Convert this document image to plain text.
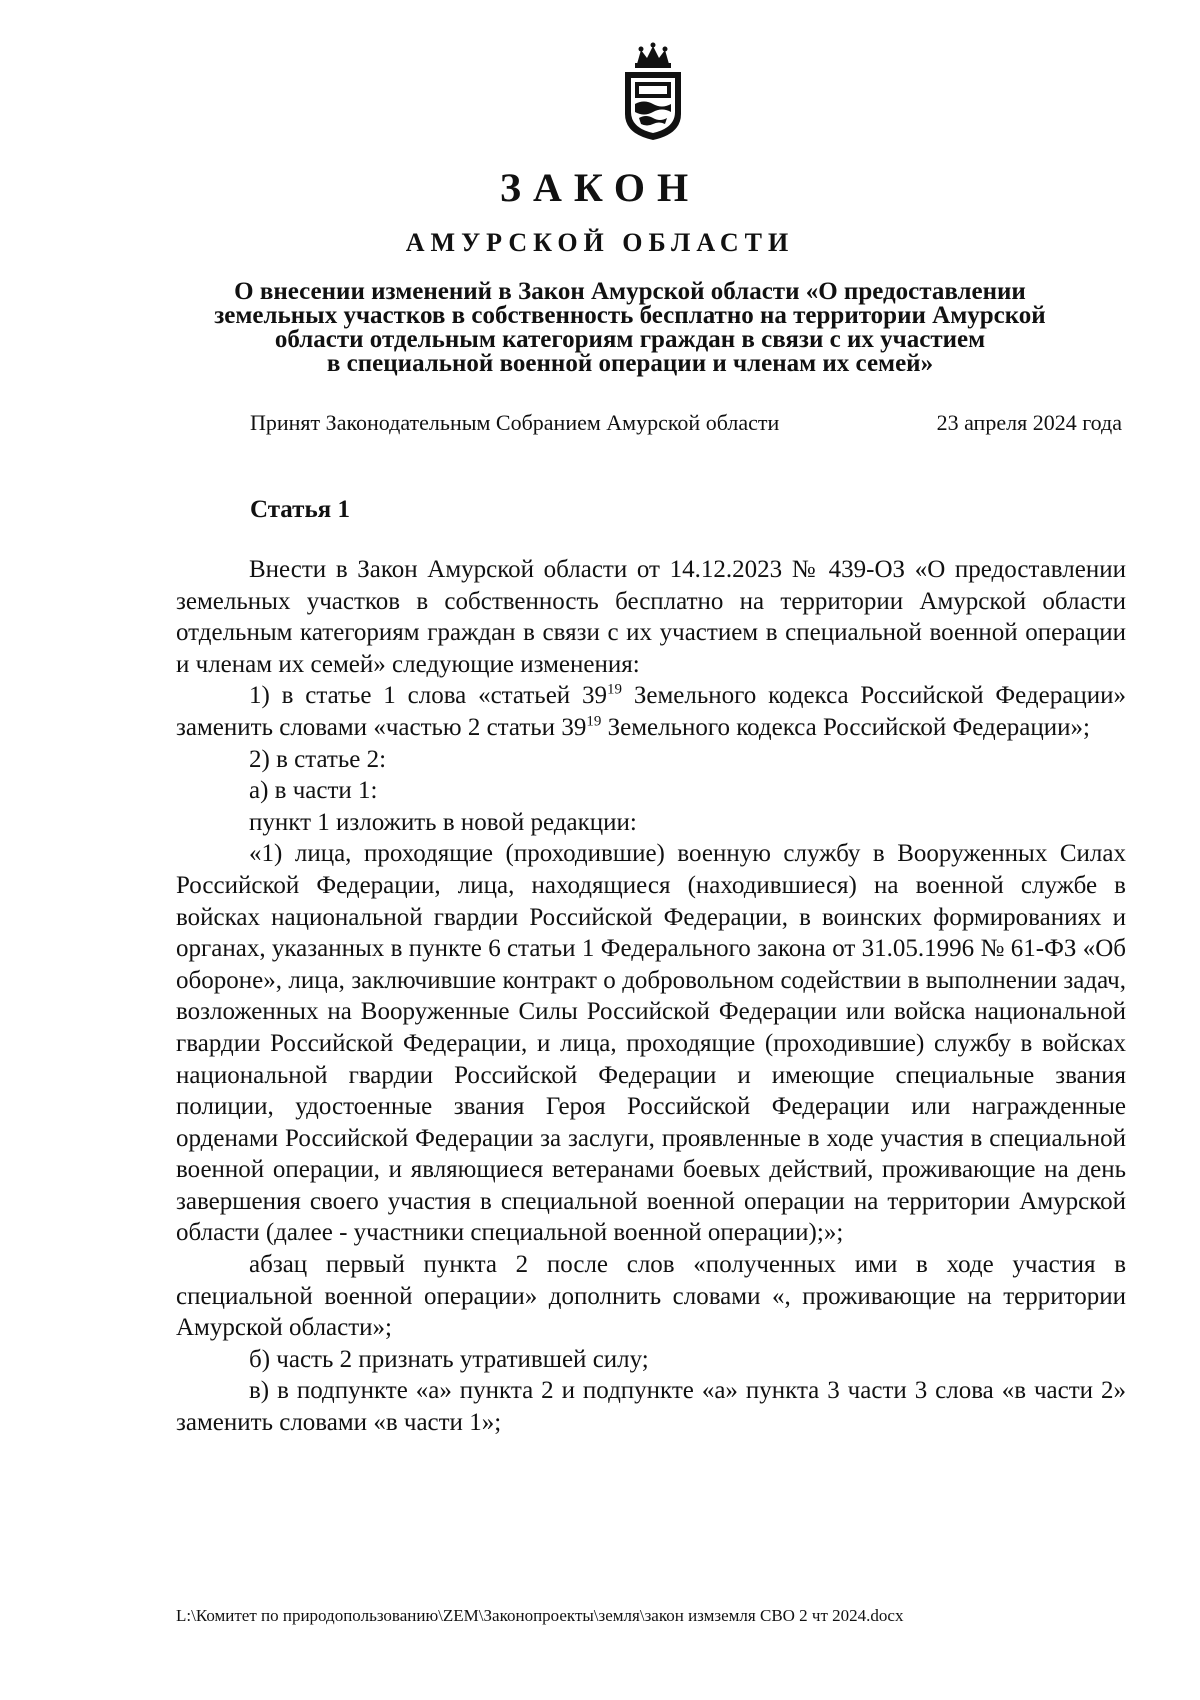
ЗАКОН
АМУРСКОЙ ОБЛАСТИ
О внесении изменений в Закон Амурской области «О предоставлении
земельных участков в собственность бесплатно на территории Амурской
области отдельным категориям граждан в связи с их участием
в специальной военной операции и членам их семей»
Принят Законодательным Собранием Амурской области	23 апреля 2024 года
Статья 1

Внести в Закон Амурской области от 14.12.2023 № 439-ОЗ «О предоставлении земельных участков в собственность бесплатно на территории Амурской области отдельным категориям граждан в связи с их участием в специальной военной операции и членам их семей» следующие изменения:

1) в статье 1 слова «статьей $39^{19}$ Земельного кодекса Российской Федерации» заменить словами «частью 2 статьи $39^{19}$ Земельного кодекса Российской Федерации»;

2) в статье 2:

а) в части 1:

пункт 1 изложить в новой редакции:

«1) лица, проходящие (проходившие) военную службу в Вооруженных Силах Российской Федерации, лица, находящиеся (находившиеся) на военной службе в войсках национальной гвардии Российской Федерации, в воинских формированиях и органах, указанных в пункте 6 статьи 1 Федерального закона от 31.05.1996 № 61-ФЗ «Об обороне», лица, заключившие контракт о добровольном содействии в выполнении задач, возложенных на Вооруженные Силы Российской Федерации или войска национальной гвардии Российской Федерации, и лица, проходящие (проходившие) службу в войсках национальной гвардии Российской Федерации и имеющие специальные звания полиции, удостоенные звания Героя Российской Федерации или награжденные орденами Российской Федерации за заслуги, проявленные в ходе участия в специальной военной операции, и являющиеся ветеранами боевых действий, проживающие на день завершения своего участия в специальной военной операции на территории Амурской области (далее - участники специальной военной операции);»;

абзац первый пункта 2 после слов «полученных ими в ходе участия в специальной военной операции» дополнить словами «, проживающие на территории Амурской области»;

б) часть 2 признать утратившей силу;

в) в подпункте «а» пункта 2 и подпункте «а» пункта 3 части 3 слова «в части 2» заменить словами «в части 1»;

L:\Комитет по природопользованию\ZEM\Законопроекты\земля\закон измземля СВО 2 чт 2024.docx
